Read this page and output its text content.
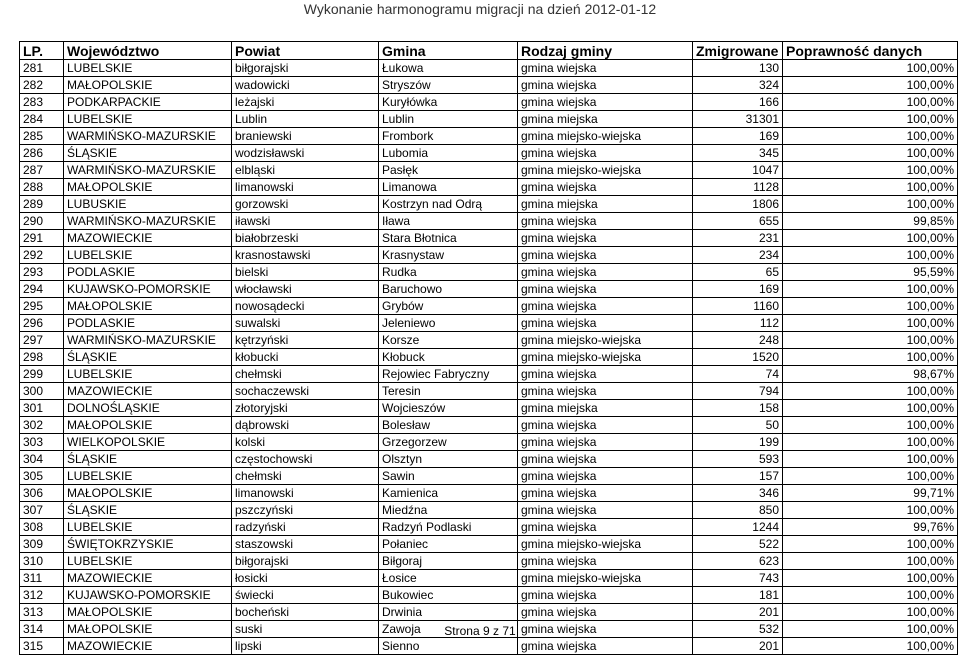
Wykonanie harmonogramu migracji na dzień 2012-01-12
LP.	Województwo	Powiat	Gmina	Rodzaj gminy	Zmigrowane	Poprawność danych
281	LUBELSKIE	biłgorajski	Łukowa	gmina wiejska	130	100,00%
282	MAŁOPOLSKIE	wadowicki	Stryszów	gmina wiejska	324	100,00%
283	PODKARPACKIE	leżajski	Kuryłówka	gmina wiejska	166	100,00%
284	LUBELSKIE	Lublin	Lublin	gmina miejska	31301	100,00%
285	WARMIŃSKO-MAZURSKIE	braniewski	Frombork	gmina miejsko-wiejska	169	100,00%
286	ŚLĄSKIE	wodzisławski	Lubomia	gmina wiejska	345	100,00%
287	WARMIŃSKO-MAZURSKIE	elbląski	Pasłęk	gmina miejsko-wiejska	1047	100,00%
288	MAŁOPOLSKIE	limanowski	Limanowa	gmina wiejska	1128	100,00%
289	LUBUSKIE	gorzowski	Kostrzyn nad Odrą	gmina miejska	1806	100,00%
290	WARMIŃSKO-MAZURSKIE	iławski	Iława	gmina wiejska	655	99,85%
291	MAZOWIECKIE	białobrzeski	Stara Błotnica	gmina wiejska	231	100,00%
292	LUBELSKIE	krasnostawski	Krasnystaw	gmina wiejska	234	100,00%
293	PODLASKIE	bielski	Rudka	gmina wiejska	65	95,59%
294	KUJAWSKO-POMORSKIE	włocławski	Baruchowo	gmina wiejska	169	100,00%
295	MAŁOPOLSKIE	nowosądecki	Grybów	gmina wiejska	1160	100,00%
296	PODLASKIE	suwalski	Jeleniewo	gmina wiejska	112	100,00%
297	WARMIŃSKO-MAZURSKIE	kętrzyński	Korsze	gmina miejsko-wiejska	248	100,00%
298	ŚLĄSKIE	kłobucki	Kłobuck	gmina miejsko-wiejska	1520	100,00%
299	LUBELSKIE	chełmski	Rejowiec Fabryczny	gmina wiejska	74	98,67%
300	MAZOWIECKIE	sochaczewski	Teresin	gmina wiejska	794	100,00%
301	DOLNOŚLĄSKIE	złotoryjski	Wojcieszów	gmina miejska	158	100,00%
302	MAŁOPOLSKIE	dąbrowski	Bolesław	gmina wiejska	50	100,00%
303	WIELKOPOLSKIE	kolski	Grzegorzew	gmina wiejska	199	100,00%
304	ŚLĄSKIE	częstochowski	Olsztyn	gmina wiejska	593	100,00%
305	LUBELSKIE	chełmski	Sawin	gmina wiejska	157	100,00%
306	MAŁOPOLSKIE	limanowski	Kamienica	gmina wiejska	346	99,71%
307	ŚLĄSKIE	pszczyński	Miedźna	gmina wiejska	850	100,00%
308	LUBELSKIE	radzyński	Radzyń Podlaski	gmina wiejska	1244	99,76%
309	ŚWIĘTOKRZYSKIE	staszowski	Połaniec	gmina miejsko-wiejska	522	100,00%
310	LUBELSKIE	biłgorajski	Biłgoraj	gmina wiejska	623	100,00%
311	MAZOWIECKIE	łosicki	Łosice	gmina miejsko-wiejska	743	100,00%
312	KUJAWSKO-POMORSKIE	świecki	Bukowiec	gmina wiejska	181	100,00%
313	MAŁOPOLSKIE	bocheński	Drwinia	gmina wiejska	201	100,00%
314	MAŁOPOLSKIE	suski	Zawoja	gmina wiejska	532	100,00%
315	MAZOWIECKIE	lipski	Sienno	gmina wiejska	201	100,00%
Strona 9 z 71
